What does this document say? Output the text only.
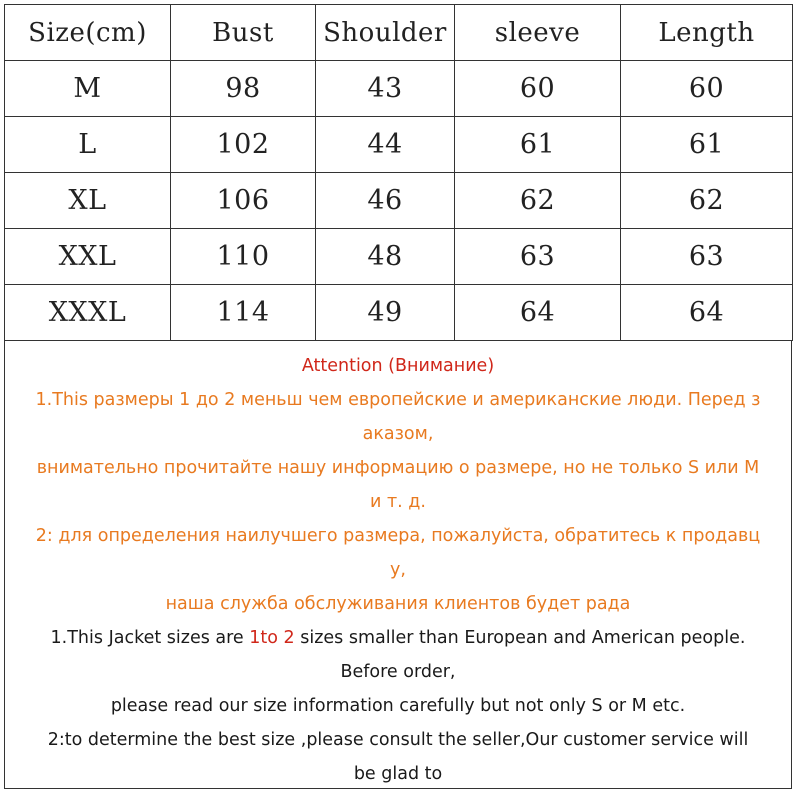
Size(cm)	Bust	Shoulder	sleeve	Length
M	98	43	60	60
L	102	44	61	61
XL	106	46	62	62
XXL	110	48	63	63
XXXL	114	49	64	64
Attention (Внимание)
1.This размеры 1 до 2 меньш чем европейские и американские люди. Перед з
аказом,
внимательно прочитайте нашу информацию о размере, но не только S или M
и т. д.
2: для определения наилучшего размера, пожалуйста, обратитесь к продавц
у,
наша служба обслуживания клиентов будет рада
1.This Jacket sizes are 1to 2 sizes smaller than European and American people.
Before order,
please read our size information carefully but not only S or M etc.
2:to determine the best size ,please consult the seller,Our customer service will
be glad to
